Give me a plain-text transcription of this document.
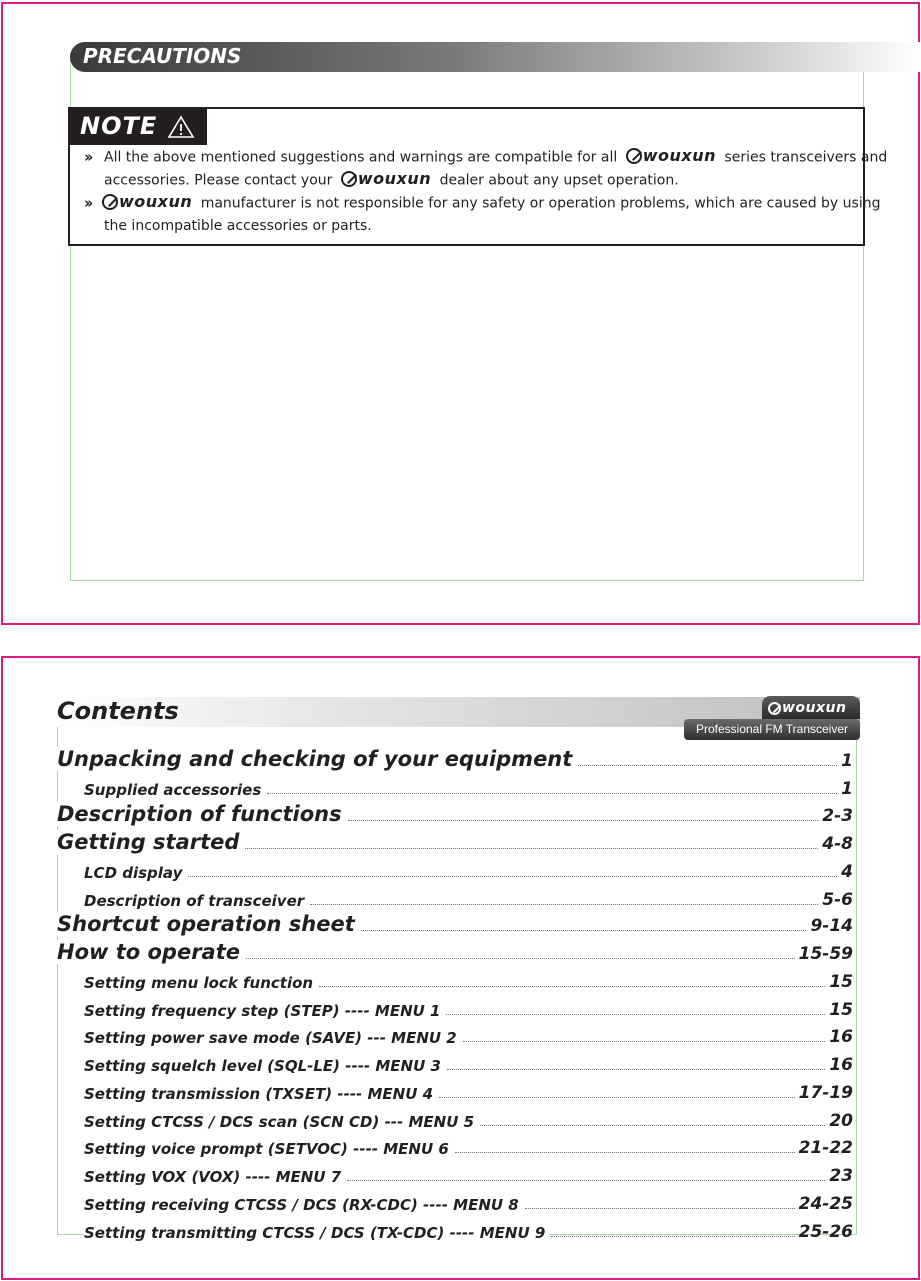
PRECAUTIONS
NOTE
›› All the above mentioned suggestions and warnings are compatible for all wouxun series transceivers and
accessories. Please contact your wouxun dealer about any upset operation.
›› wouxun manufacturer is not responsible for any safety or operation problems, which are caused by using
the incompatible accessories or parts.
Contents	wouxun
Professional FM Transceiver
Unpacking and checking of your equipment	1
Supplied accessories	1
Description of functions	2-3
Getting started	4-8
LCD display	4
Description of transceiver	5-6
Shortcut operation sheet	9-14
How to operate	15-59
Setting menu lock function	15
Setting frequency step (STEP) ---- MENU 1	15
Setting power save mode (SAVE) --- MENU 2	16
Setting squelch level (SQL-LE) ---- MENU 3	16
Setting transmission (TXSET) ---- MENU 4	17-19
Setting CTCSS / DCS scan (SCN CD) --- MENU 5	20
Setting voice prompt (SETVOC) ---- MENU 6	21-22
Setting VOX (VOX) ---- MENU 7	23
Setting receiving CTCSS / DCS (RX-CDC) ---- MENU 8	24-25
Setting transmitting CTCSS / DCS (TX-CDC) ---- MENU 9	25-26
